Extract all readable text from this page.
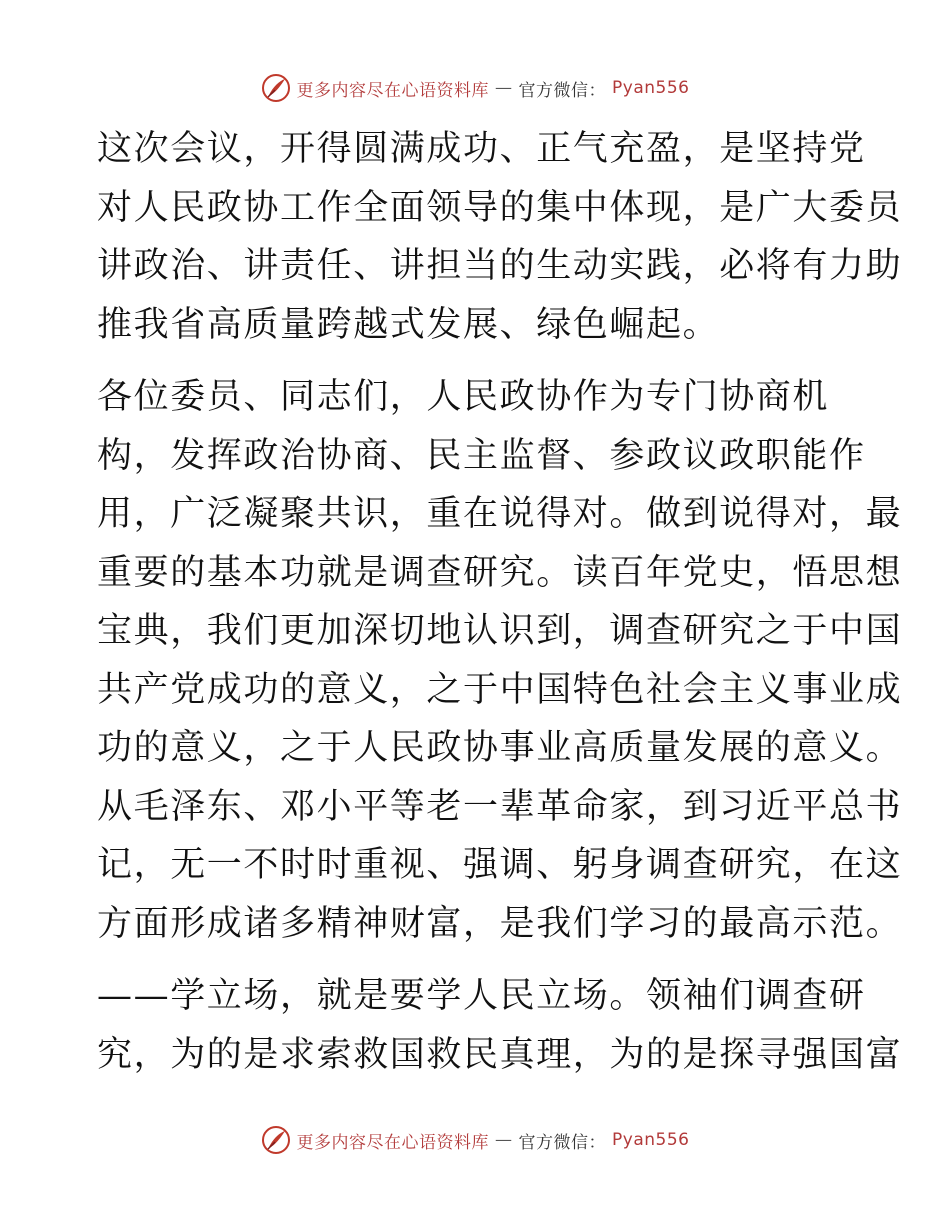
更多内容尽在心语资料库 — 官方微信： Pyan556

这次会议，开得圆满成功、正气充盈，是坚持党
对人民政协工作全面领导的集中体现，是广大委员
讲政治、讲责任、讲担当的生动实践，必将有力助
推我省高质量跨越式发展、绿色崛起。

各位委员、同志们，人民政协作为专门协商机
构，发挥政治协商、民主监督、参政议政职能作
用，广泛凝聚共识，重在说得对。做到说得对，最
重要的基本功就是调查研究。读百年党史，悟思想
宝典，我们更加深切地认识到，调查研究之于中国
共产党成功的意义，之于中国特色社会主义事业成
功的意义，之于人民政协事业高质量发展的意义。
从毛泽东、邓小平等老一辈革命家，到习近平总书
记，无一不时时重视、强调、躬身调查研究，在这
方面形成诸多精神财富，是我们学习的最高示范。

——学立场，就是要学人民立场。领袖们调查研
究，为的是求索救国救民真理，为的是探寻强国富

更多内容尽在心语资料库 — 官方微信： Pyan556
